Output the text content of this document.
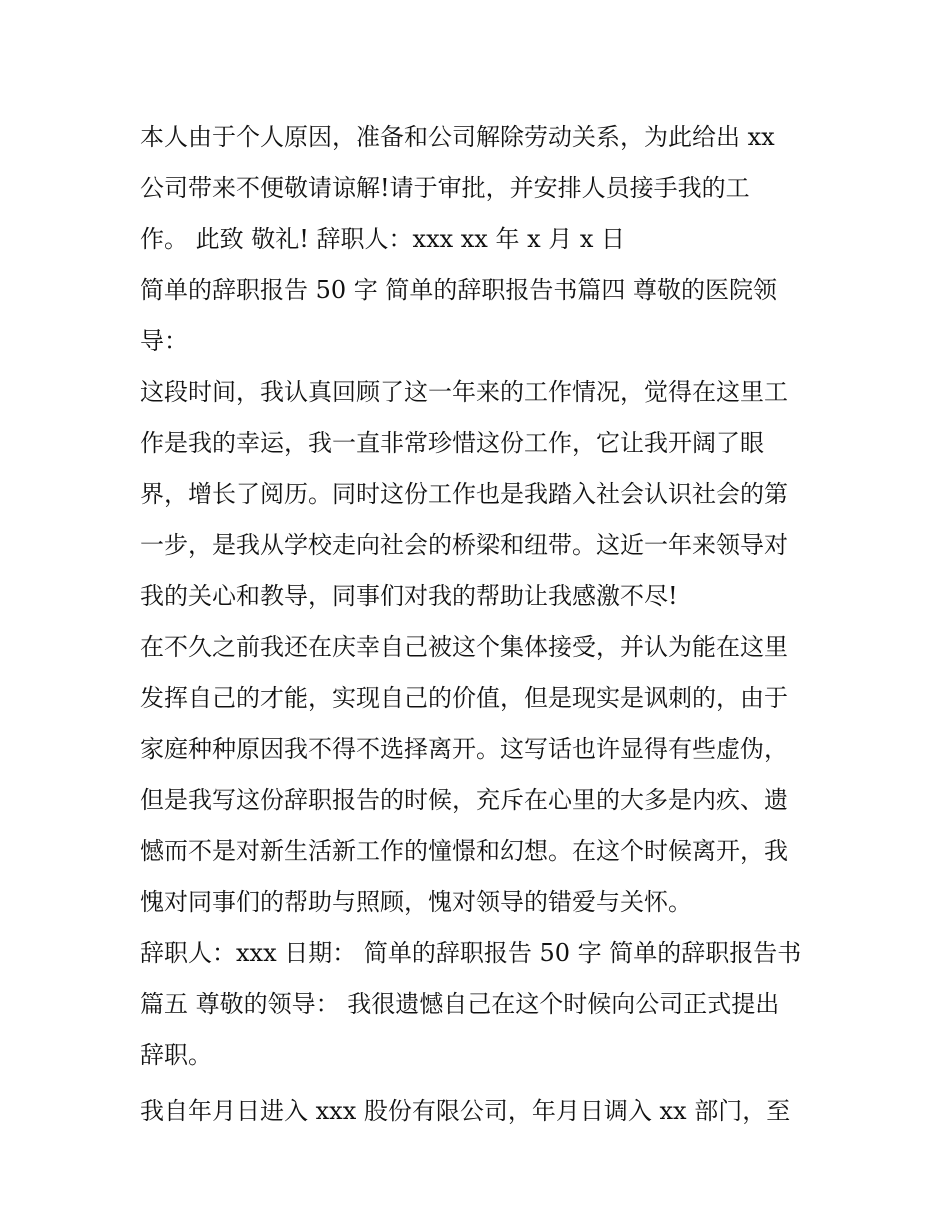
本人由于个人原因，准备和公司解除劳动关系，为此给出 xx
公司带来不便敬请谅解!请于审批，并安排人员接手我的工
作。 此致 敬礼! 辞职人：xxx xx 年 x 月 x 日
简单的辞职报告 50 字 简单的辞职报告书篇四 尊敬的医院领
导：
这段时间，我认真回顾了这一年来的工作情况，觉得在这里工
作是我的幸运，我一直非常珍惜这份工作，它让我开阔了眼
界，增长了阅历。同时这份工作也是我踏入社会认识社会的第
一步，是我从学校走向社会的桥梁和纽带。这近一年来领导对
我的关心和教导，同事们对我的帮助让我感激不尽!
在不久之前我还在庆幸自己被这个集体接受，并认为能在这里
发挥自己的才能，实现自己的价值，但是现实是讽刺的，由于
家庭种种原因我不得不选择离开。这写话也许显得有些虚伪，
但是我写这份辞职报告的时候，充斥在心里的大多是内疚、遗
憾而不是对新生活新工作的憧憬和幻想。在这个时候离开，我
愧对同事们的帮助与照顾，愧对领导的错爱与关怀。
辞职人：xxx 日期： 简单的辞职报告 50 字 简单的辞职报告书
篇五 尊敬的领导： 我很遗憾自己在这个时候向公司正式提出
辞职。
我自年月日进入 xxx 股份有限公司，年月日调入 xx 部门，至
